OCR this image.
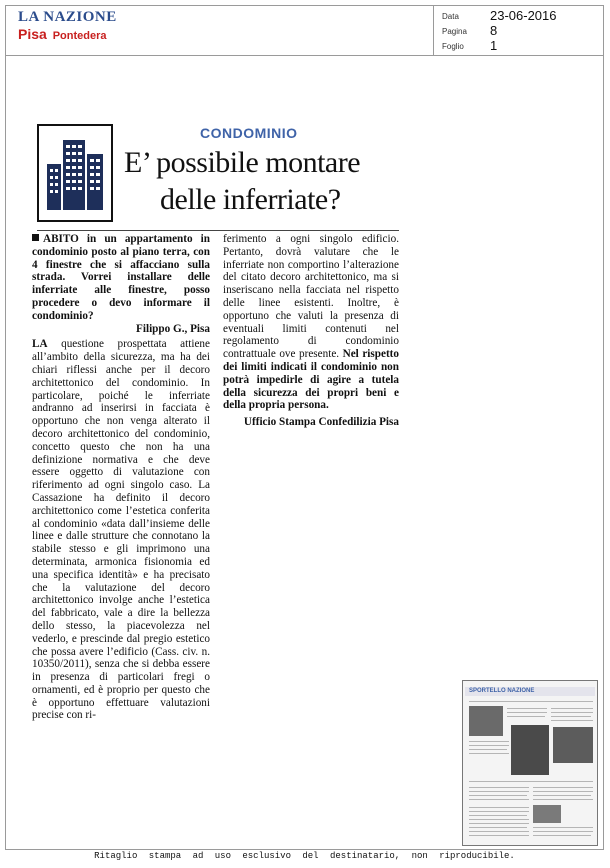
LA NAZIONE
Pisa Pontedera
Data 23-06-2016
Pagina 8
Foglio 1
CONDOMINIO
E’ possibile montare
delle inferriate?

ABITO in un appartamento in condominio posto al piano terra, con 4 finestre che si affacciano sulla strada. Vorrei installare delle inferriate alle finestre, posso procedere o devo informare il condominio?

Filippo G., Pisa

LA questione prospettata attiene all’ambito della sicurezza, ma ha dei chiari riflessi anche per il decoro architettonico del condominio. In particolare, poiché le inferriate andranno ad inserirsi in facciata è opportuno che non venga alterato il decoro architettonico del condominio, concetto questo che non ha una definizione normativa e che deve essere oggetto di valutazione con riferimento ad ogni singolo caso. La Cassazione ha definito il decoro architettonico come l’estetica conferita al condominio «data dall’insieme delle linee e dalle strutture che connotano la stabile stesso e gli imprimono una determinata, armonica fisionomia ed una specifica identità» e ha precisato che la valutazione del decoro architettonico involge anche l’estetica del fabbricato, vale a dire la bellezza dello stesso, la piacevolezza nel vederlo, e prescinde dal pregio estetico che possa avere l’edificio (Cass. civ. n. 10350/2011), senza che si debba essere in presenza di particolari fregi o ornamenti, ed è proprio per questo che è opportuno effettuare valutazioni precise con ri-

ferimento a ogni singolo edificio. Pertanto, dovrà valutare che le inferriate non comportino l’alterazione del citato decoro architettonico, ma si inseriscano nella facciata nel rispetto delle linee esistenti. Inoltre, è opportuno che valuti la presenza di eventuali limiti contenuti nel regolamento di condominio contrattuale ove presente. Nel rispetto dei limiti indicati il condominio non potrà impedirle di agire a tutela della sicurezza dei propri beni e della propria persona.

Ufficio Stampa Confedilizia Pisa

SPORTELLO NAZIONE
Ritaglio stampa ad uso esclusivo del destinatario, non riproducibile.
